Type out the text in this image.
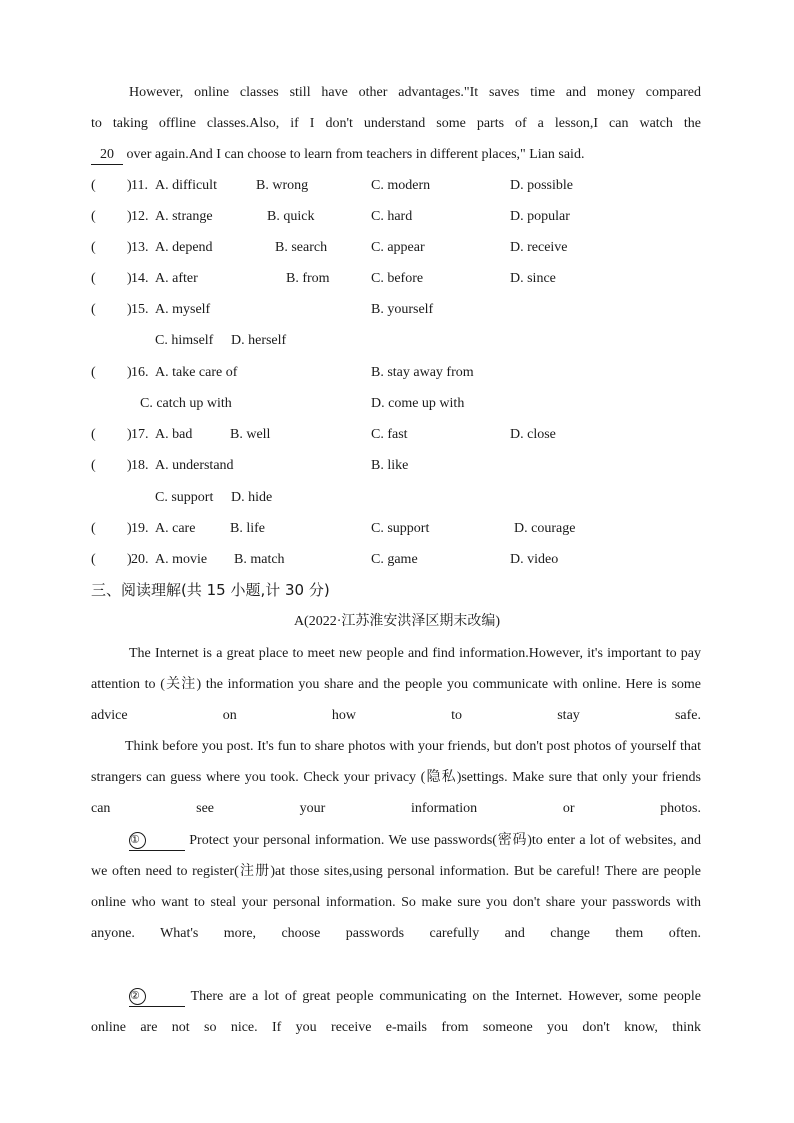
However, online classes still have other advantages."It saves time and money compared

to taking offline classes.Also, if I don't understand some parts of a lesson,I can watch the

20 over again.And I can choose to learn from teachers in different places," Lian said.

( ) 11. A. difficult	B. wrong	C. modern	D. possible
( ) 12. A. strange	B. quick	C. hard	D. popular
( ) 13. A. depend	B. search	C. appear	D. receive
( ) 14. A. after	B. from	C. before	D. since
( ) 15. A. myself	B. yourself
C. himself D. herself
( ) 16. A. take care of	B. stay away from
C. catch up with	D. come up with
( ) 17. A. bad	B. well	C. fast	D. close
( ) 18. A. understand	B. like
C. support D. hide
( ) 19. A. care B. life	C. support	D. courage
( ) 20. A. movie B. match	C. game	D. video

三、阅读理解(共 15 小题,计 30 分)

A(2022·江苏淮安洪泽区期末改编)

The Internet is a great place to meet new people and find information.However, it's important to pay attention to (关注) the information you share and the people you communicate with online. Here is some advice on how to stay safe.

Think before you post. It's fun to share photos with your friends, but don't post photos of yourself that strangers can guess where you took. Check your privacy (隐私)settings. Make sure that only your friends can see your information or photos.

①	Protect your personal information. We use passwords(密码)to enter a lot of websites, and we often need to register(注册)at those sites,using personal information. But be careful! There are people online who want to steal your personal information. So make sure you don't share your passwords with anyone. What's more, choose passwords carefully and change them often.

②	There are a lot of great people communicating on the Internet. However, some people online are not so nice. If you receive e-mails from someone you don't know, think
